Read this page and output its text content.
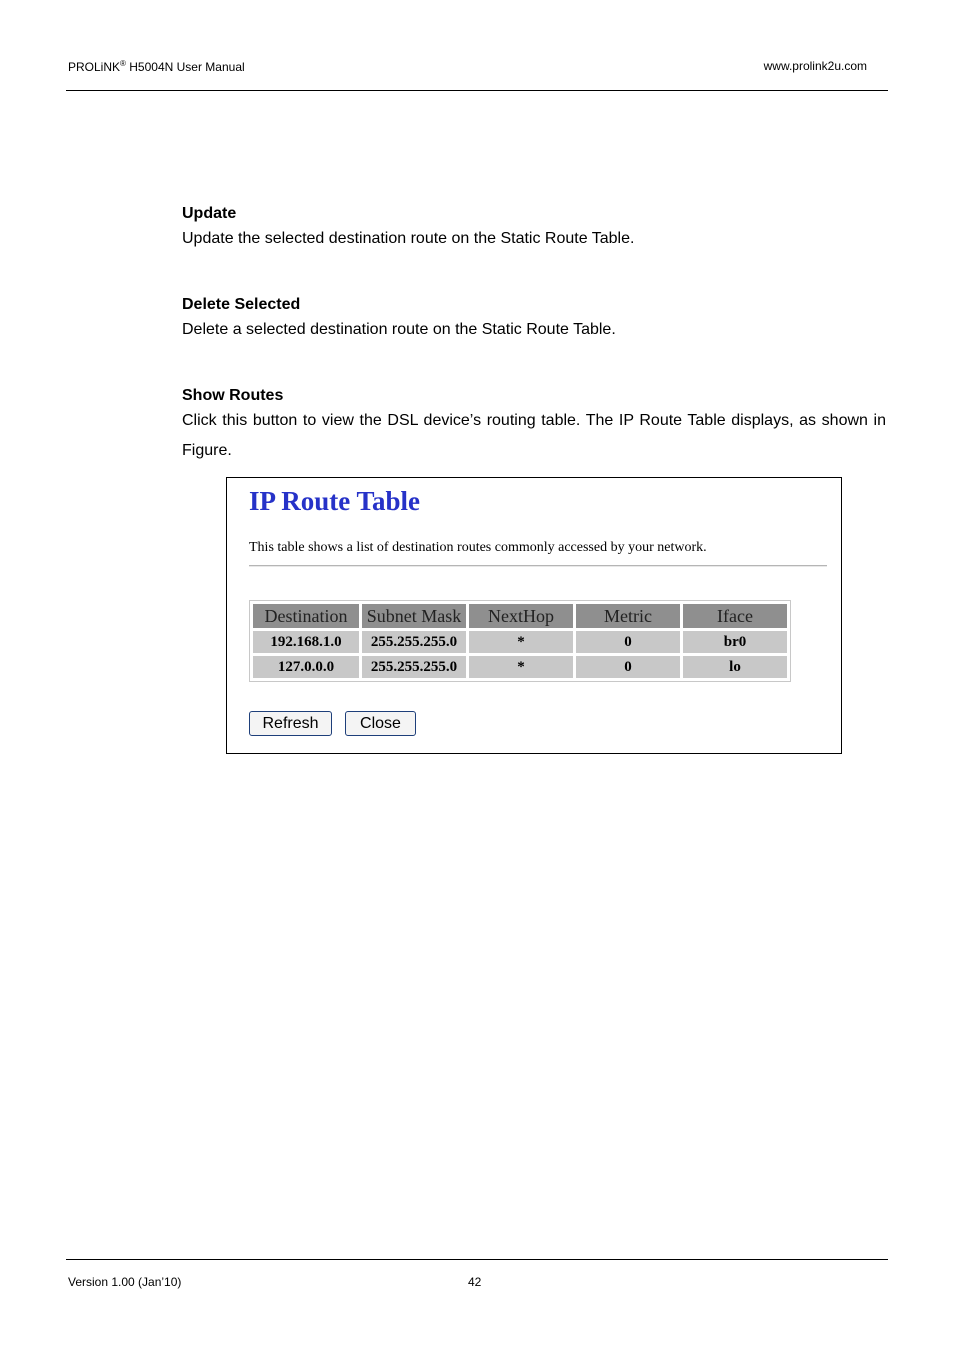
PROLiNK® H5004N User Manual	www.prolink2u.com

Update

Update the selected destination route on the Static Route Table.

Delete Selected

Delete a selected destination route on the Static Route Table.

Show Routes

Click this button to view the DSL device’s routing table. The IP Route Table displays, as shown in Figure.

IP Route Table

This table shows a list of destination routes commonly accessed by your network.

Destination	Subnet Mask	NextHop	Metric	Iface
192.168.1.0	255.255.255.0	*	0	br0
127.0.0.0	255.255.255.0	*	0	lo
Refresh	Close
Version 1.00 (Jan’10)	42
